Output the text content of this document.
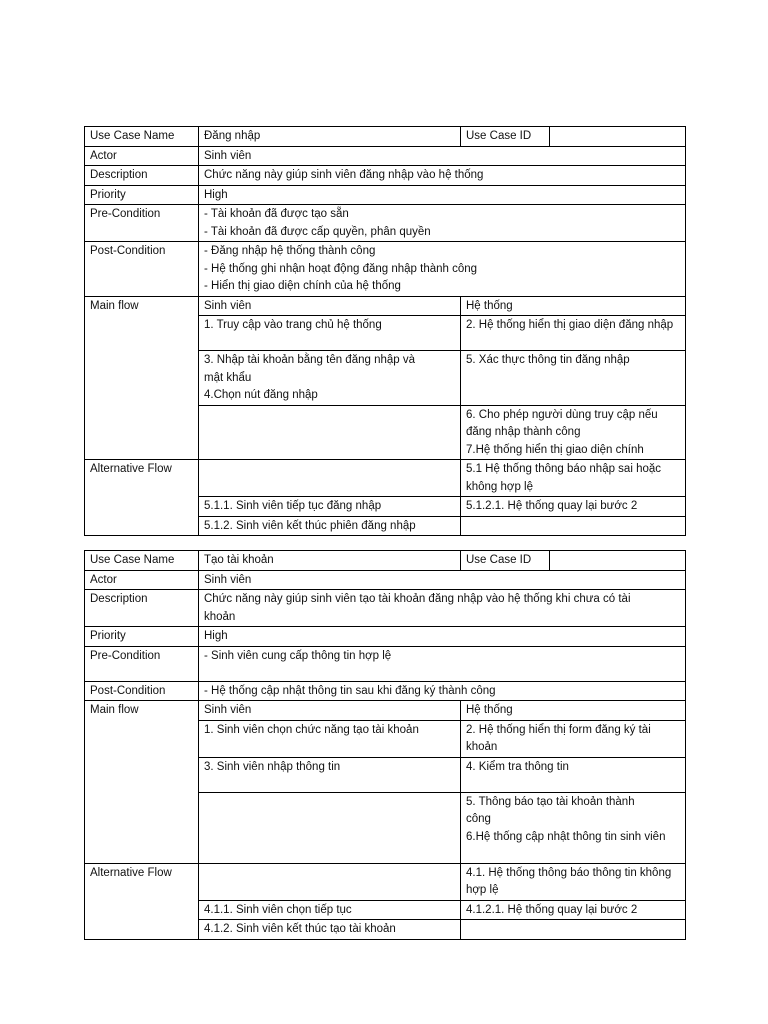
Use Case Name	Đăng nhập	Use Case ID	
Actor	Sinh viên		
Description	Chức năng này giúp sinh viên đăng nhập vào hệ thống		
Priority	High		
Pre-Condition	- Tài khoản đã được tạo sẵn
- Tài khoản đã được cấp quyền, phân quyền		

Post-Condition	- Đăng nhập hệ thống thành công
- Hệ thống ghi nhận hoạt động đăng nhập thành công
- Hiển thị giao diện chính của hệ thống		

Main flow	Sinh viên	Hệ thống	

	1. Truy cập vào trang chủ hệ thống	2. Hệ thống hiển thị giao diện đăng nhập	

	3. Nhập tài khoản bằng tên đăng nhập và mật khẩu
4.Chọn nút đăng nhập	5. Xác thực thông tin đăng nhập	

		6. Cho phép người dùng truy cập nếu đăng nhập thành công
7.Hệ thống hiển thị giao diện chính	

Alternative Flow		5.1 Hệ thống thông báo nhập sai hoặc không hợp lệ	

	5.1.1. Sinh viên tiếp tục đăng nhập	5.1.2.1. Hệ thống quay lại bước 2	
	5.1.2. Sinh viên kết thúc phiên đăng nhập		
Use Case Name	Tạo tài khoản	Use Case ID	
Actor	Sinh viên		
Description	Chức năng này giúp sinh viên tạo tài khoản đăng nhập vào hệ thống khi chưa có tài khoản		

Priority	High		
Pre-Condition	- Sinh viên cung cấp thông tin hợp lệ		

Post-Condition	- Hệ thống cập nhật thông tin sau khi đăng ký thành công		

Main flow	Sinh viên	Hệ thống	

	1. Sinh viên chọn chức năng tạo tài khoản	2. Hệ thống hiển thị form đăng ký tài khoản	

	3. Sinh viên nhập thông tin	4. Kiểm tra thông tin	

		5. Thông báo tạo tài khoản thành công
6.Hệ thống cập nhật thông tin sinh viên	

Alternative Flow		4.1. Hệ thống thông báo thông tin không hợp lệ	

	4.1.1. Sinh viên chọn tiếp tục	4.1.2.1. Hệ thống quay lại bước 2	
	4.1.2. Sinh viên kết thúc tạo tài khoản		
